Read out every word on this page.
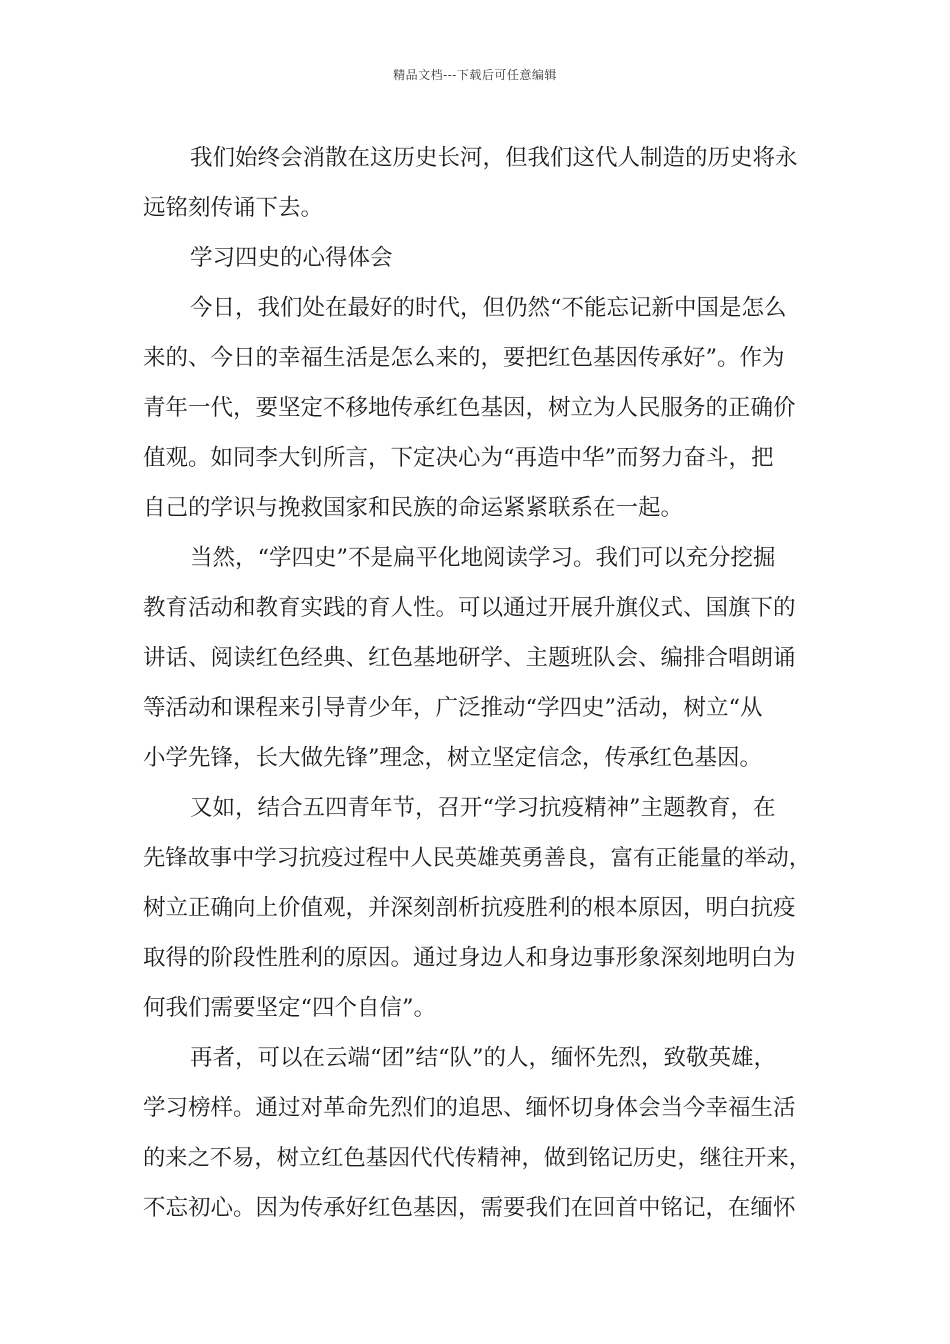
精品文档---下载后可任意编辑
我们始终会消散在这历史长河，但我们这代人制造的历史将永
远铭刻传诵下去。
学习四史的心得体会
今日，我们处在最好的时代，但仍然“不能忘记新中国是怎么
来的、今日的幸福生活是怎么来的，要把红色基因传承好”。作为
青年一代，要坚定不移地传承红色基因，树立为人民服务的正确价
值观。如同李大钊所言，下定决心为“再造中华”而努力奋斗，把
自己的学识与挽救国家和民族的命运紧紧联系在一起。
当然，“学四史”不是扁平化地阅读学习。我们可以充分挖掘
教育活动和教育实践的育人性。可以通过开展升旗仪式、国旗下的
讲话、阅读红色经典、红色基地研学、主题班队会、编排合唱朗诵
等活动和课程来引导青少年，广泛推动“学四史”活动，树立“从
小学先锋，长大做先锋”理念，树立坚定信念，传承红色基因。
又如，结合五四青年节，召开“学习抗疫精神”主题教育，在
先锋故事中学习抗疫过程中人民英雄英勇善良，富有正能量的举动，
树立正确向上价值观，并深刻剖析抗疫胜利的根本原因，明白抗疫
取得的阶段性胜利的原因。通过身边人和身边事形象深刻地明白为
何我们需要坚定“四个自信”。
再者，可以在云端“团”结“队”的人，缅怀先烈，致敬英雄，
学习榜样。通过对革命先烈们的追思、缅怀切身体会当今幸福生活
的来之不易，树立红色基因代代传精神，做到铭记历史，继往开来，
不忘初心。因为传承好红色基因，需要我们在回首中铭记，在缅怀
